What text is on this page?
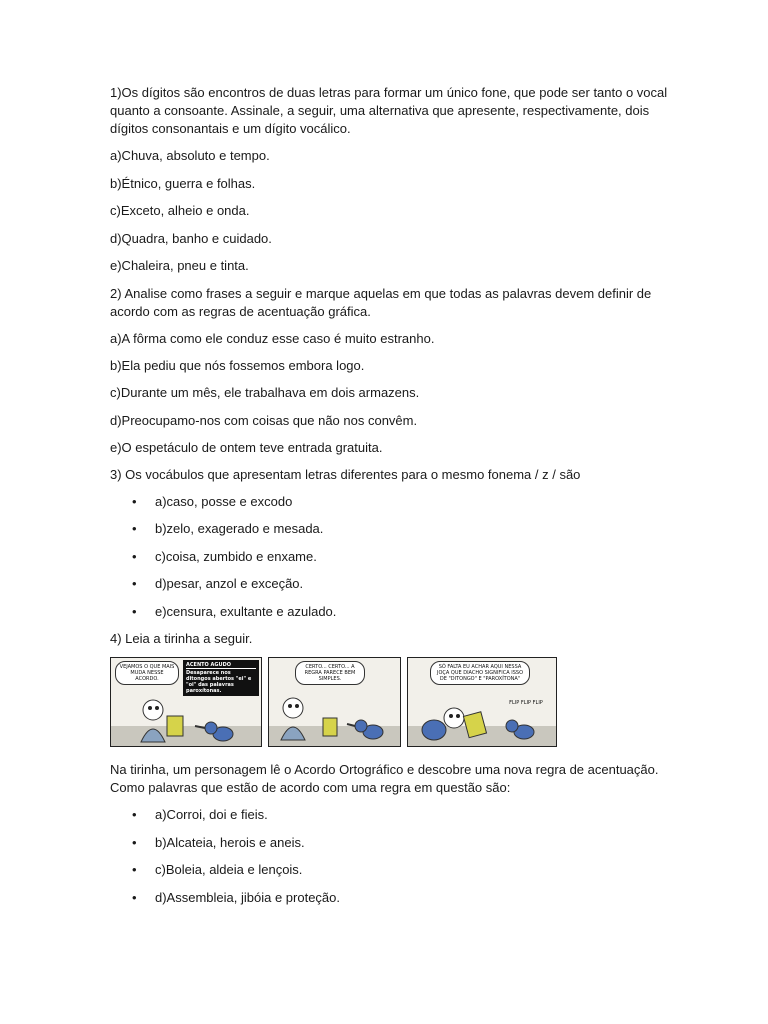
1)Os dígitos são encontros de duas letras para formar um único fone, que pode ser tanto o vocal quanto a consoante. Assinale, a seguir, uma alternativa que apresente, respectivamente, dois dígitos consonantais e um dígito vocálico.

a)Chuva, absoluto e tempo.

b)Étnico, guerra e folhas.

c)Exceto, alheio e onda.

d)Quadra, banho e cuidado.

e)Chaleira, pneu e tinta.

2) Analise como frases a seguir e marque aquelas em que todas as palavras devem definir de acordo com as regras de acentuação gráfica.

a)A fôrma como ele conduz esse caso é muito estranho.

b)Ela pediu que nós fossemos embora logo.

c)Durante um mês, ele trabalhava em dois armazens.

d)Preocupamo-nos com coisas que não nos convêm.

e)O espetáculo de ontem teve entrada gratuita.

3) Os vocábulos que apresentam letras diferentes para o mesmo fonema / z / são

• a)caso, posse e excodo
• b)zelo, exagerado e mesada.
• c)coisa, zumbido e enxame.
• d)pesar, anzol e exceção.
• e)censura, exultante e azulado.

4) Leia a tirinha a seguir.

VEJAMOS O QUE MAIS MUDA NESSE ACORDO.
ACENTO AGUDO
Desaparece nos ditongos abertos "ei" e "oi" das palavras paroxítonas.
CERTO... CERTO... A REGRA PARECE BEM SIMPLES.
SÓ FALTA EU ACHAR AQUI NESSA JOÇA QUE DIACHO SIGNIFICA ISSO DE "DITONGO" E "PAROXÍTONA"
FLIP FLIP FLIP

Na tirinha, um personagem lê o Acordo Ortográfico e descobre uma nova regra de acentuação. Como palavras que estão de acordo com uma regra em questão são:

• a)Corroi, doi e fieis.
• b)Alcateia, herois e aneis.
• c)Boleia, aldeia e lençois.
• d)Assembleia, jibóia e proteção.
